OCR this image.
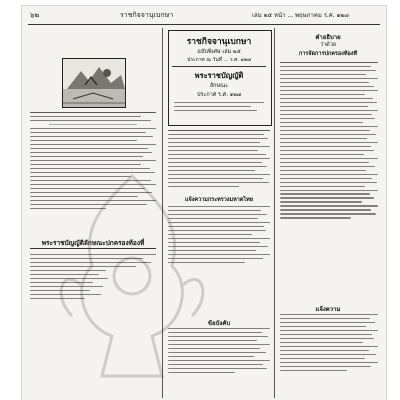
๖๒	ราชกิจจานุเบกษา	เล่ม ๒๕ หน้า ... พฤษภาคม ร.ศ. ๑๒๗
พระราชบัญญัติลักษณะปกครองท้องที่
ราชกิจจานุเบกษา
ฉบับพิเศษ เล่ม ๒๕
ประกาศ ณ วันที่ ... ร.ศ. ๑๒๗
พระราชบัญญัติ
ลักษณะ
ประกาศ ร.ศ. ๑๒๗
แจ้งความกระทรวงมหาดไทย
ข้อบังคับ
คำอธิบาย
ว่าด้วย
การจัดการปกครองท้องที่
แจ้งความ
